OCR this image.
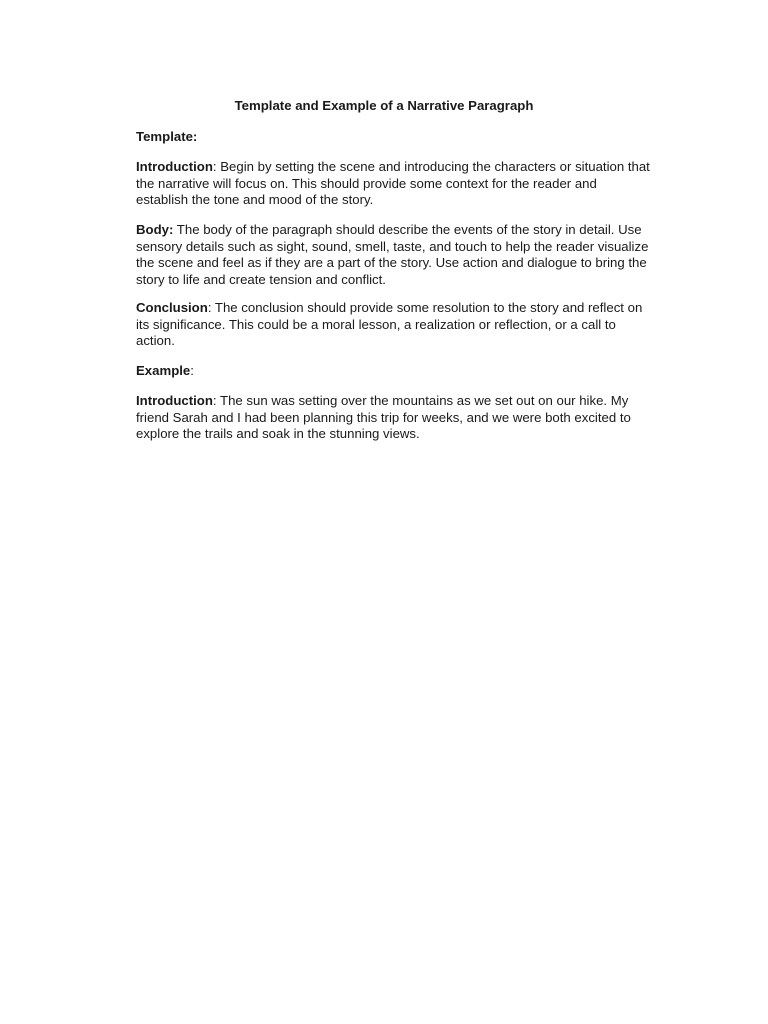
Template and Example of a Narrative Paragraph

Template:

Introduction: Begin by setting the scene and introducing the characters or situation that the narrative will focus on. This should provide some context for the reader and establish the tone and mood of the story.

Body: The body of the paragraph should describe the events of the story in detail. Use sensory details such as sight, sound, smell, taste, and touch to help the reader visualize the scene and feel as if they are a part of the story. Use action and dialogue to bring the story to life and create tension and conflict.

Conclusion: The conclusion should provide some resolution to the story and reflect on its significance. This could be a moral lesson, a realization or reflection, or a call to action.

Example:

Introduction: The sun was setting over the mountains as we set out on our hike. My friend Sarah and I had been planning this trip for weeks, and we were both excited to explore the trails and soak in the stunning views.
